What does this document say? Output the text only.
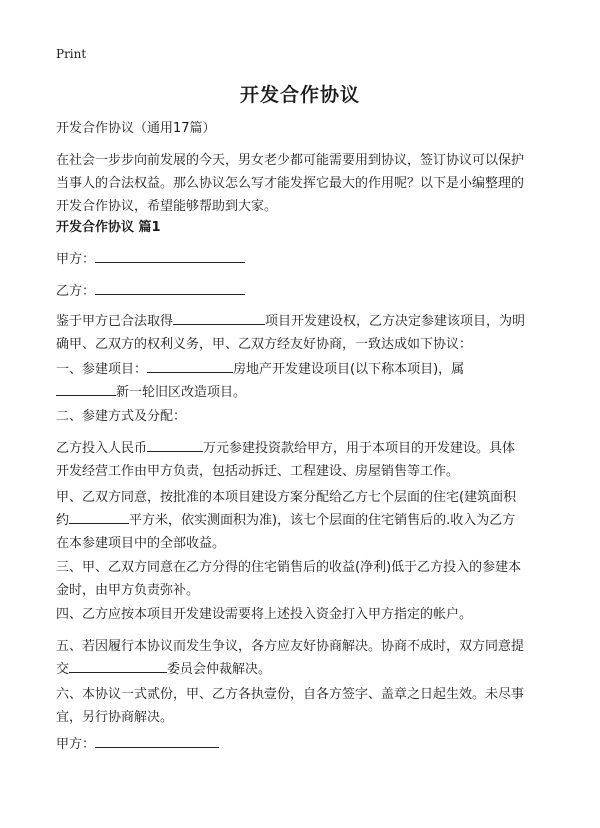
Print
开发合作协议
开发合作协议（通用17篇）
在社会一步步向前发展的今天，男女老少都可能需要用到协议，签订协议可以保护
当事人的合法权益。那么协议怎么写才能发挥它最大的作用呢？以下是小编整理的
开发合作协议，希望能够帮助到大家。
开发合作协议 篇1
甲方：
乙方：
鉴于甲方已合法取得	项目开发建设权，乙方决定参建该项目，为明
确甲、乙双方的权利义务，甲、乙双方经友好协商，一致达成如下协议：
一、参建项目：	房地产开发建设项目(以下称本项目)，属
新一轮旧区改造项目。
二、参建方式及分配：
乙方投入人民币	万元参建投资款给甲方，用于本项目的开发建设。具体
开发经营工作由甲方负责，包括动拆迁、工程建设、房屋销售等工作。
甲、乙双方同意，按批准的本项目建设方案分配给乙方七个层面的住宅(建筑面积
约	平方米，依实测面积为准)，该七个层面的住宅销售后的.收入为乙方
在本参建项目中的全部收益。
三、甲、乙双方同意在乙方分得的住宅销售后的收益(净利)低于乙方投入的参建本
金时，由甲方负责弥补。
四、乙方应按本项目开发建设需要将上述投入资金打入甲方指定的帐户。
五、若因履行本协议而发生争议，各方应友好协商解决。协商不成时，双方同意提
交	委员会仲裁解决。
六、本协议一式贰份，甲、乙方各执壹份，自各方签字、盖章之日起生效。未尽事
宜，另行协商解决。
甲方：
